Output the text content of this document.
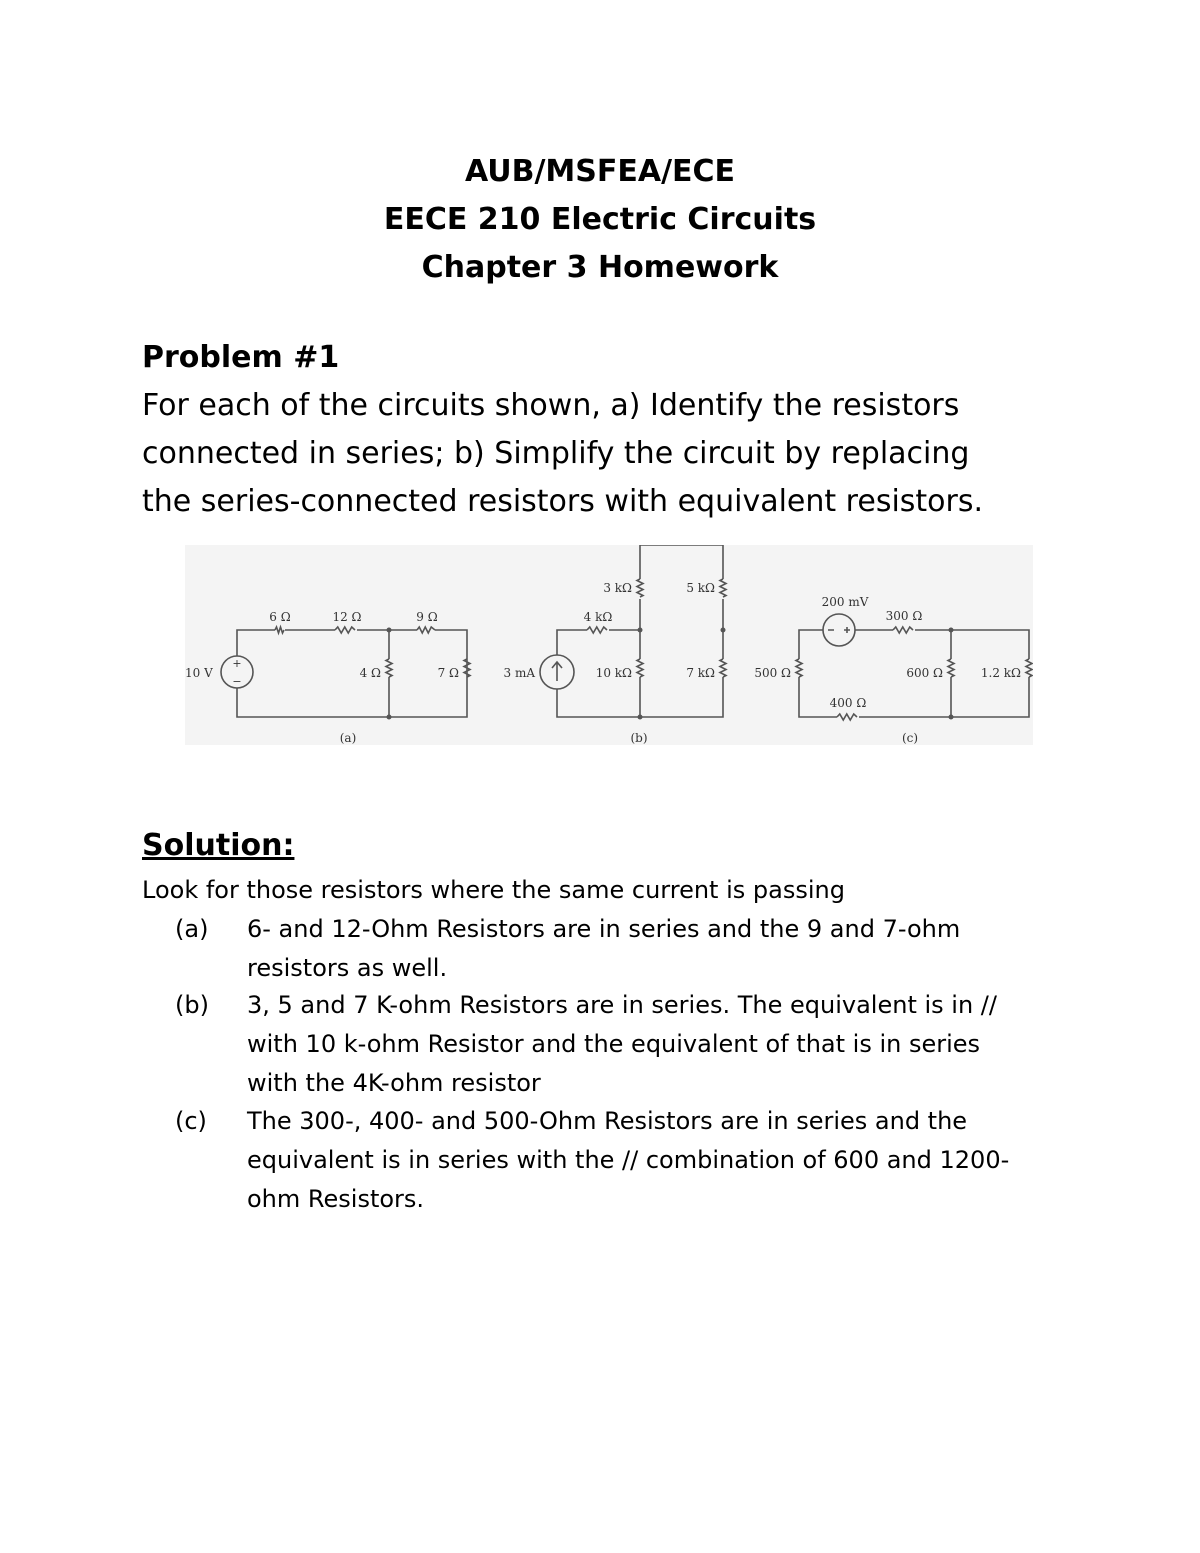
AUB/MSFEA/ECE
EECE 210 Electric Circuits
Chapter 3 Homework
Problem #1
For each of the circuits shown, a) Identify the resistors
connected in series; b) Simplify the circuit by replacing
the series-connected resistors with equivalent resistors.
+
−
10 V
6 Ω	12 Ω	9 Ω
4 Ω	7 Ω
(a)
3 mA
3 kΩ	5 kΩ
4 kΩ
10 kΩ	7 kΩ
(b)
200 mV
300 Ω
500 Ω
400 Ω
600 Ω	1.2 kΩ
(c)
Solution:
Look for those resistors where the same current is passing
(a) 6- and 12-Ohm Resistors are in series and the 9 and 7-ohm
resistors as well.
(b) 3, 5 and 7 K-ohm Resistors are in series. The equivalent is in //
with 10 k-ohm Resistor and the equivalent of that is in series
with the 4K-ohm resistor
(c) The 300-, 400- and 500-Ohm Resistors are in series and the
equivalent is in series with the // combination of 600 and 1200-
ohm Resistors.
